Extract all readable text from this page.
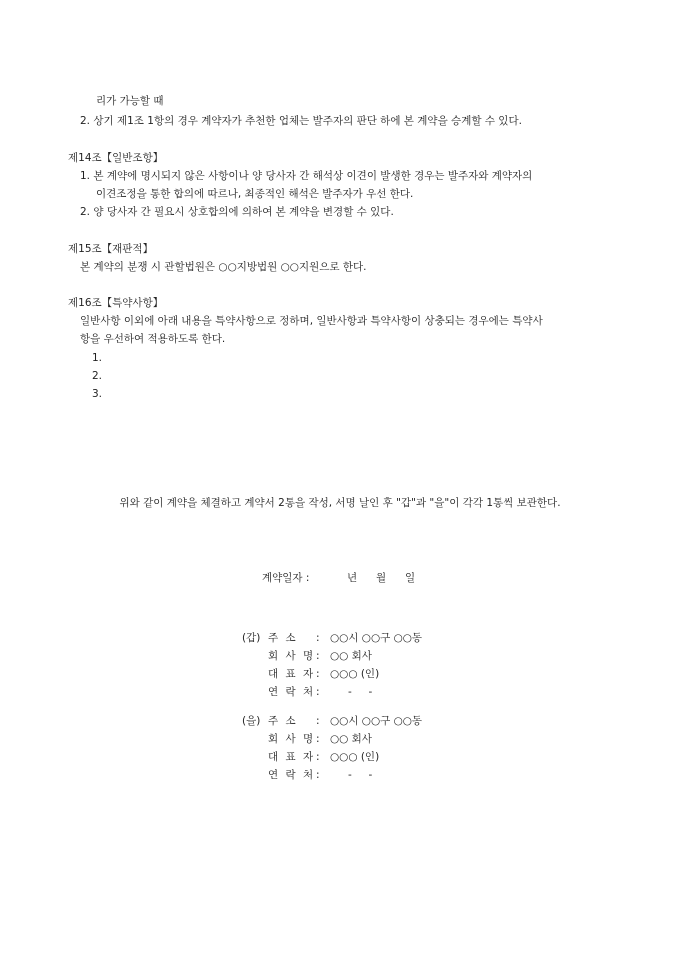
리가 가능할 때
2. 상기 제1조 1항의 경우 계약자가 추천한 업체는 발주자의 판단 하에 본 계약을 승계할 수 있다.
제14조【일반조항】
1. 본 계약에 명시되지 않은 사항이나 양 당사자 간 해석상 이견이 발생한 경우는 발주자와 계약자의
이견조정을 통한 합의에 따르나, 최종적인 해석은 발주자가 우선 한다.
2. 양 당사자 간 필요시 상호합의에 의하여 본 계약을 변경할 수 있다.
제15조【재판적】
본 계약의 분쟁 시 관할법원은 ○○지방법원 ○○지원으로 한다.
제16조【특약사항】
일반사항 이외에 아래 내용을 특약사항으로 정하며, 일반사항과 특약사항이 상충되는 경우에는 특약사
항을 우선하여 적용하도록 한다.
1.
2.
3.
위와 같이 계약을 체결하고 계약서 2통을 작성, 서명 날인 후 "갑"과 "을"이 각각 1통씩 보관한다.
계약일자 :	년 월 일
(갑) 주 소 : ○○시 ○○구 ○○동
회 사 명 : ○○ 회사
대 표 자 : ○○○ (인)
연 락 처 :	-     -
(을) 주 소 : ○○시 ○○구 ○○동
회 사 명 : ○○ 회사
대 표 자 : ○○○ (인)
연 락 처 :	-     -
